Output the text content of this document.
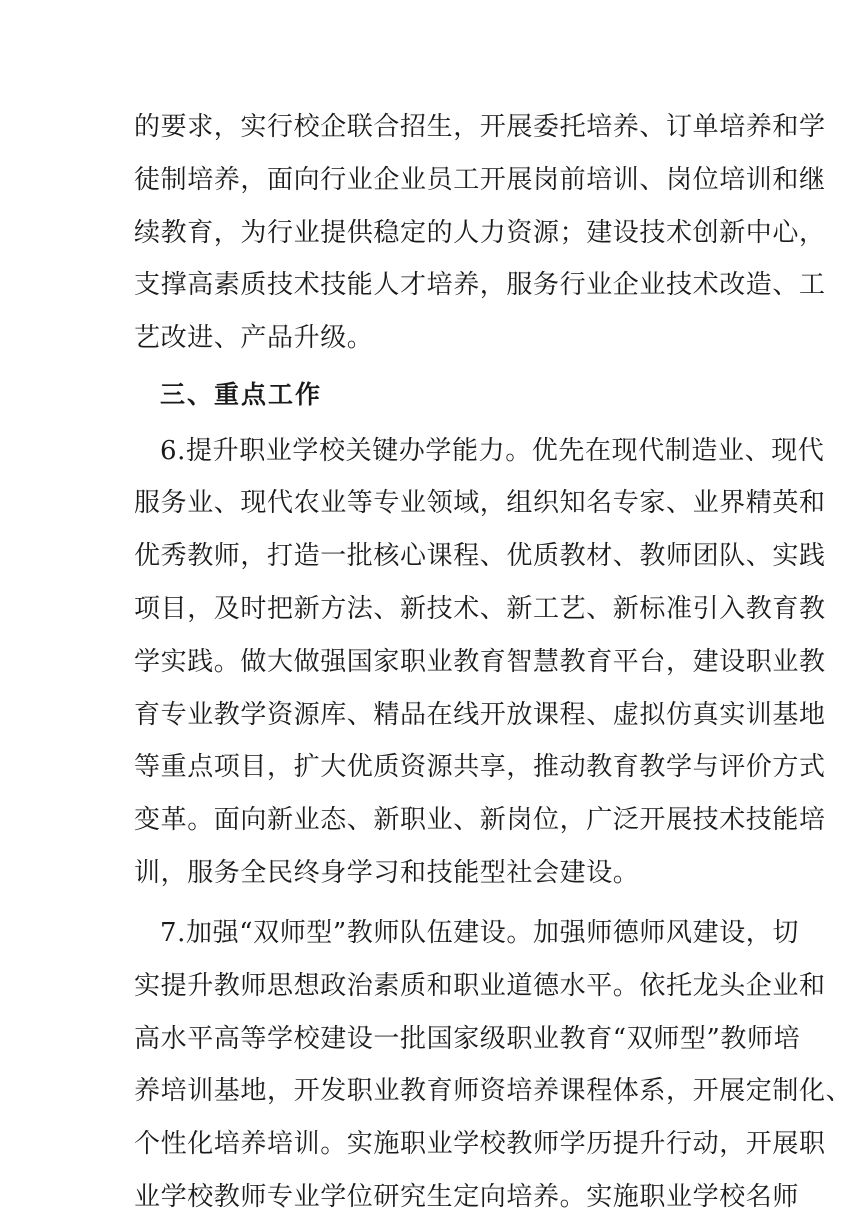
的要求，实行校企联合招生，开展委托培养、订单培养和学
徒制培养，面向行业企业员工开展岗前培训、岗位培训和继
续教育，为行业提供稳定的人力资源；建设技术创新中心，
支撑高素质技术技能人才培养，服务行业企业技术改造、工
艺改进、产品升级。
三、重点工作
6.提升职业学校关键办学能力。优先在现代制造业、现代
服务业、现代农业等专业领域，组织知名专家、业界精英和
优秀教师，打造一批核心课程、优质教材、教师团队、实践
项目，及时把新方法、新技术、新工艺、新标准引入教育教
学实践。做大做强国家职业教育智慧教育平台，建设职业教
育专业教学资源库、精品在线开放课程、虚拟仿真实训基地
等重点项目，扩大优质资源共享，推动教育教学与评价方式
变革。面向新业态、新职业、新岗位，广泛开展技术技能培
训，服务全民终身学习和技能型社会建设。
7.加强“双师型”教师队伍建设。加强师德师风建设，切
实提升教师思想政治素质和职业道德水平。依托龙头企业和
高水平高等学校建设一批国家级职业教育“双师型”教师培
养培训基地，开发职业教育师资培养课程体系，开展定制化、
个性化培养培训。实施职业学校教师学历提升行动，开展职
业学校教师专业学位研究生定向培养。实施职业学校名师
